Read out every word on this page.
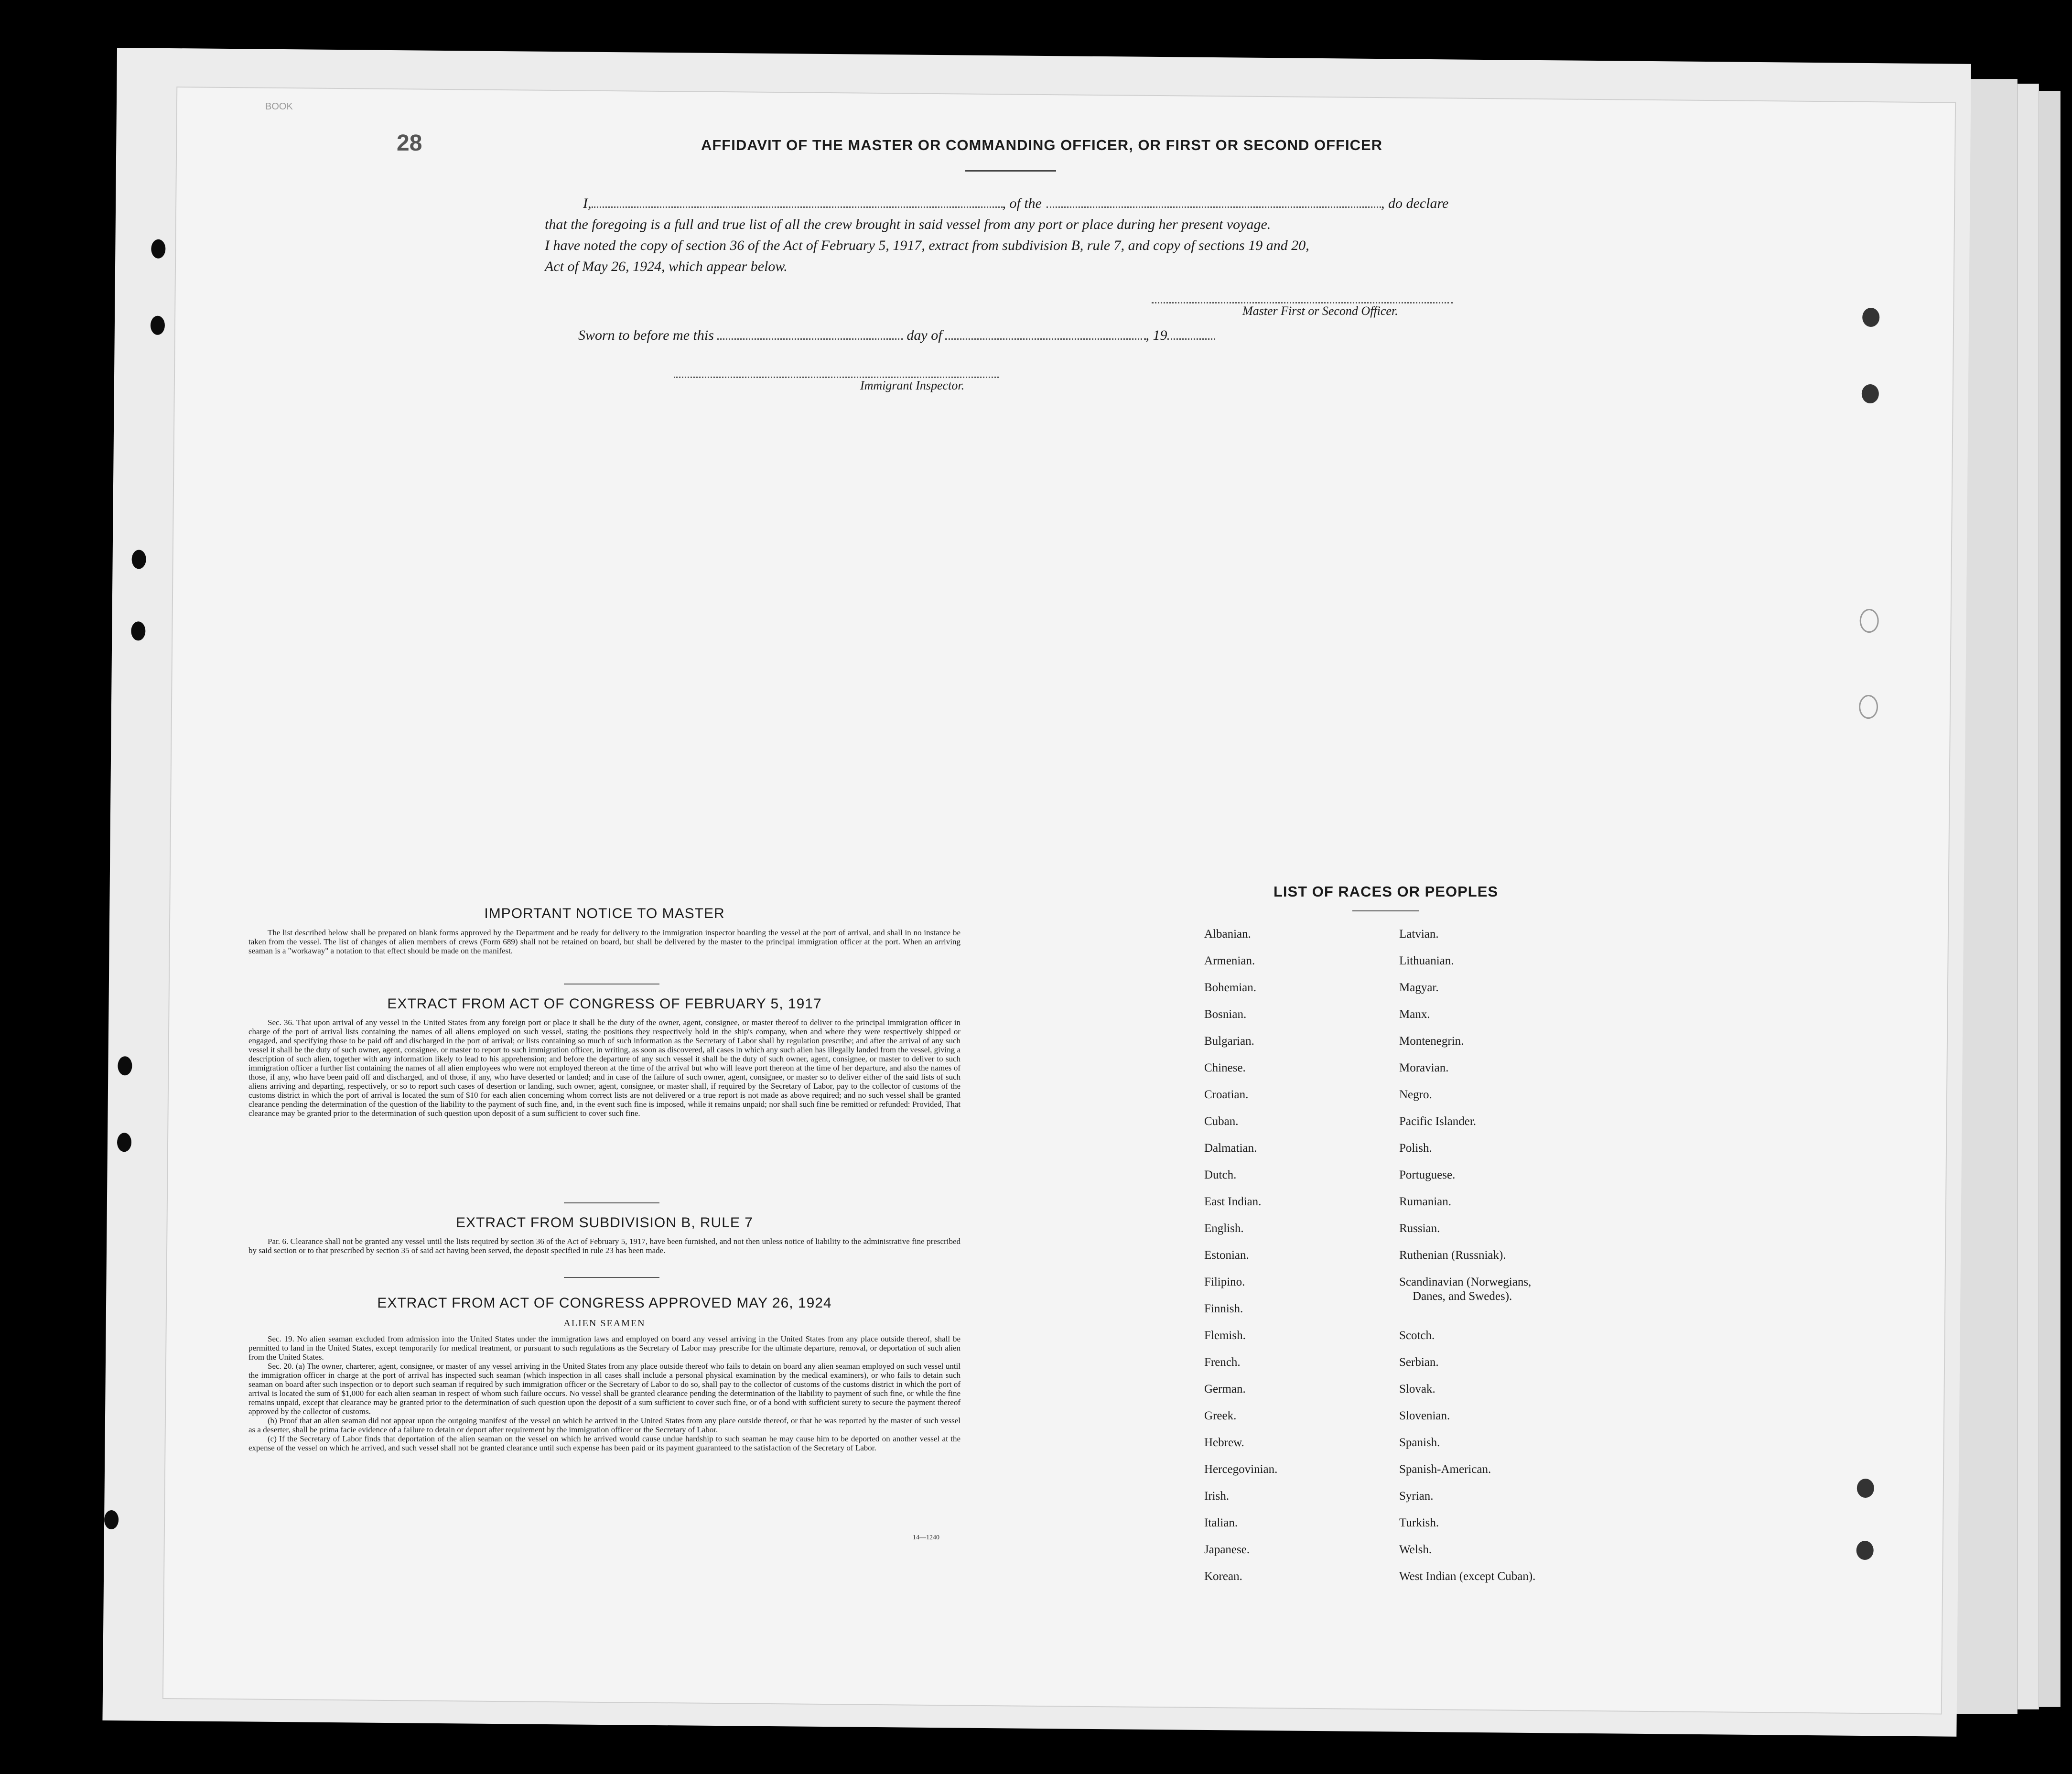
BOOK
28	AFFIDAVIT OF THE MASTER OR COMMANDING OFFICER, OR FIRST OR SECOND OFFICER
I,	, of the	, do declare
that the foregoing is a full and true list of all the crew brought in said vessel from any port or place during her present voyage.
I have noted the copy of section 36 of the Act of February 5, 1917, extract from subdivision B, rule 7, and copy of sections 19 and 20,
Act of May 26, 1924, which appear below.
Master First or Second Officer.
Sworn to before me this	day of	, 19
Immigrant Inspector.
IMPORTANT NOTICE TO MASTER

The list described below shall be prepared on blank forms approved by the Department and be ready for delivery to the immigration inspector boarding the vessel at the port of arrival, and shall in no instance be taken from the vessel. The list of changes of alien members of crews (Form 689) shall not be retained on board, but shall be delivered by the master to the principal immigration officer at the port. When an arriving seaman is a "workaway" a notation to that effect should be made on the manifest.

EXTRACT FROM ACT OF CONGRESS OF FEBRUARY 5, 1917

Sec. 36. That upon arrival of any vessel in the United States from any foreign port or place it shall be the duty of the owner, agent, consignee, or master thereof to deliver to the principal immigration officer in charge of the port of arrival lists containing the names of all aliens employed on such vessel, stating the positions they respectively hold in the ship's company, when and where they were respectively shipped or engaged, and specifying those to be paid off and discharged in the port of arrival; or lists containing so much of such information as the Secretary of Labor shall by regulation prescribe; and after the arrival of any such vessel it shall be the duty of such owner, agent, consignee, or master to report to such immigration officer, in writing, as soon as discovered, all cases in which any such alien has illegally landed from the vessel, giving a description of such alien, together with any information likely to lead to his apprehension; and before the departure of any such vessel it shall be the duty of such owner, agent, consignee, or master to deliver to such immigration officer a further list containing the names of all alien employees who were not employed thereon at the time of the arrival but who will leave port thereon at the time of her departure, and also the names of those, if any, who have been paid off and discharged, and of those, if any, who have deserted or landed; and in case of the failure of such owner, agent, consignee, or master so to deliver either of the said lists of such aliens arriving and departing, respectively, or so to report such cases of desertion or landing, such owner, agent, consignee, or master shall, if required by the Secretary of Labor, pay to the collector of customs of the customs district in which the port of arrival is located the sum of $10 for each alien concerning whom correct lists are not delivered or a true report is not made as above required; and no such vessel shall be granted clearance pending the determination of the question of the liability to the payment of such fine, and, in the event such fine is imposed, while it remains unpaid; nor shall such fine be remitted or refunded: Provided, That clearance may be granted prior to the determination of such question upon deposit of a sum sufficient to cover such fine.

EXTRACT FROM SUBDIVISION B, RULE 7

Par. 6. Clearance shall not be granted any vessel until the lists required by section 36 of the Act of February 5, 1917, have been furnished, and not then unless notice of liability to the administrative fine prescribed by said section or to that prescribed by section 35 of said act having been served, the deposit specified in rule 23 has been made.

EXTRACT FROM ACT OF CONGRESS APPROVED MAY 26, 1924
ALIEN SEAMEN

Sec. 19. No alien seaman excluded from admission into the United States under the immigration laws and employed on board any vessel arriving in the United States from any place outside thereof, shall be permitted to land in the United States, except temporarily for medical treatment, or pursuant to such regulations as the Secretary of Labor may prescribe for the ultimate departure, removal, or deportation of such alien from the United States.

Sec. 20. (a) The owner, charterer, agent, consignee, or master of any vessel arriving in the United States from any place outside thereof who fails to detain on board any alien seaman employed on such vessel until the immigration officer in charge at the port of arrival has inspected such seaman (which inspection in all cases shall include a personal physical examination by the medical examiners), or who fails to detain such seaman on board after such inspection or to deport such seaman if required by such immigration officer or the Secretary of Labor to do so, shall pay to the collector of customs of the customs district in which the port of arrival is located the sum of $1,000 for each alien seaman in respect of whom such failure occurs. No vessel shall be granted clearance pending the determination of the liability to payment of such fine, or while the fine remains unpaid, except that clearance may be granted prior to the determination of such question upon the deposit of a sum sufficient to cover such fine, or of a bond with sufficient surety to secure the payment thereof approved by the collector of customs.

(b) Proof that an alien seaman did not appear upon the outgoing manifest of the vessel on which he arrived in the United States from any place outside thereof, or that he was reported by the master of such vessel as a deserter, shall be prima facie evidence of a failure to detain or deport after requirement by the immigration officer or the Secretary of Labor.

(c) If the Secretary of Labor finds that deportation of the alien seaman on the vessel on which he arrived would cause undue hardship to such seaman he may cause him to be deported on another vessel at the expense of the vessel on which he arrived, and such vessel shall not be granted clearance until such expense has been paid or its payment guaranteed to the satisfaction of the Secretary of Labor.

14—1240
LIST OF RACES OR PEOPLES
Albanian.
Armenian.
Bohemian.
Bosnian.
Bulgarian.
Chinese.
Croatian.
Cuban.
Dalmatian.
Dutch.
East Indian.
English.
Estonian.
Filipino.
Finnish.
Flemish.
French.
German.
Greek.
Hebrew.
Hercegovinian.
Irish.
Italian.
Japanese.
Korean.
Latvian.
Lithuanian.
Magyar.
Manx.
Montenegrin.
Moravian.
Negro.
Pacific Islander.
Polish.
Portuguese.
Rumanian.
Russian.
Ruthenian (Russniak).
Scandinavian (Norwegians,
Danes, and Swedes).
Scotch.
Serbian.
Slovak.
Slovenian.
Spanish.
Spanish-American.
Syrian.
Turkish.
Welsh.
West Indian (except Cuban).
